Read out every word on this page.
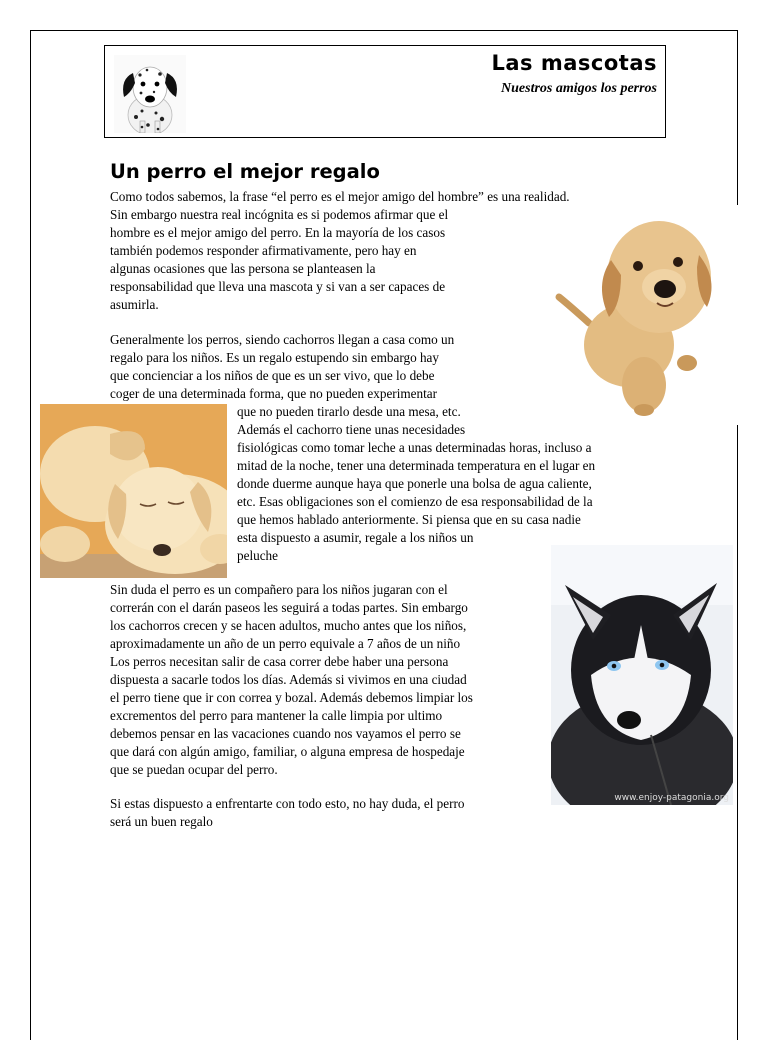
Las mascotas
Nuestros amigos los perros
Un perro el mejor regalo
Como todos sabemos, la frase “el perro es el mejor amigo del hombre” es una realidad.
Sin embargo nuestra real incógnita es si podemos afirmar que el
hombre es el mejor amigo del perro. En la mayoría de los casos
también podemos responder afirmativamente, pero hay en
algunas ocasiones que las persona se planteasen la
responsabilidad que lleva una mascota y si van a ser capaces de
asumirla.
Generalmente los perros, siendo cachorros llegan a casa como un
regalo para los niños. Es un regalo estupendo sin embargo hay
que concienciar a los niños de que es un ser vivo, que lo debe
coger de una determinada forma, que no pueden experimentar
que no pueden tirarlo desde una mesa, etc.
Además el cachorro tiene unas necesidades
fisiológicas como tomar leche a unas determinadas horas, incluso a
mitad de la noche, tener una determinada temperatura en el lugar en
donde duerme aunque haya que ponerle una bolsa de agua caliente,
etc. Esas obligaciones son el comienzo de esa responsabilidad de la
que hemos hablado anteriormente. Si piensa que en su casa nadie
esta dispuesto a asumir, regale a los niños un
peluche
Sin duda el perro es un compañero para los niños jugaran con el
correrán con el darán paseos les seguirá a todas partes. Sin embargo
los cachorros crecen y se hacen adultos, mucho antes que los niños,
aproximadamente un año de un perro equivale a 7 años de un niño
Los perros necesitan salir de casa correr debe haber una persona
dispuesta a sacarle todos los días. Además si vivimos en una ciudad
el perro tiene que ir con correa y bozal. Además debemos limpiar los
excrementos del perro para mantener la calle limpia por ultimo
debemos pensar en las vacaciones cuando nos vayamos el perro se
que dará con algún amigo, familiar, o alguna empresa de hospedaje
que se puedan ocupar del perro.
Si estas dispuesto a enfrentarte con todo esto, no hay duda, el perro
será un buen regalo
www.enjoy-patagonia.org
